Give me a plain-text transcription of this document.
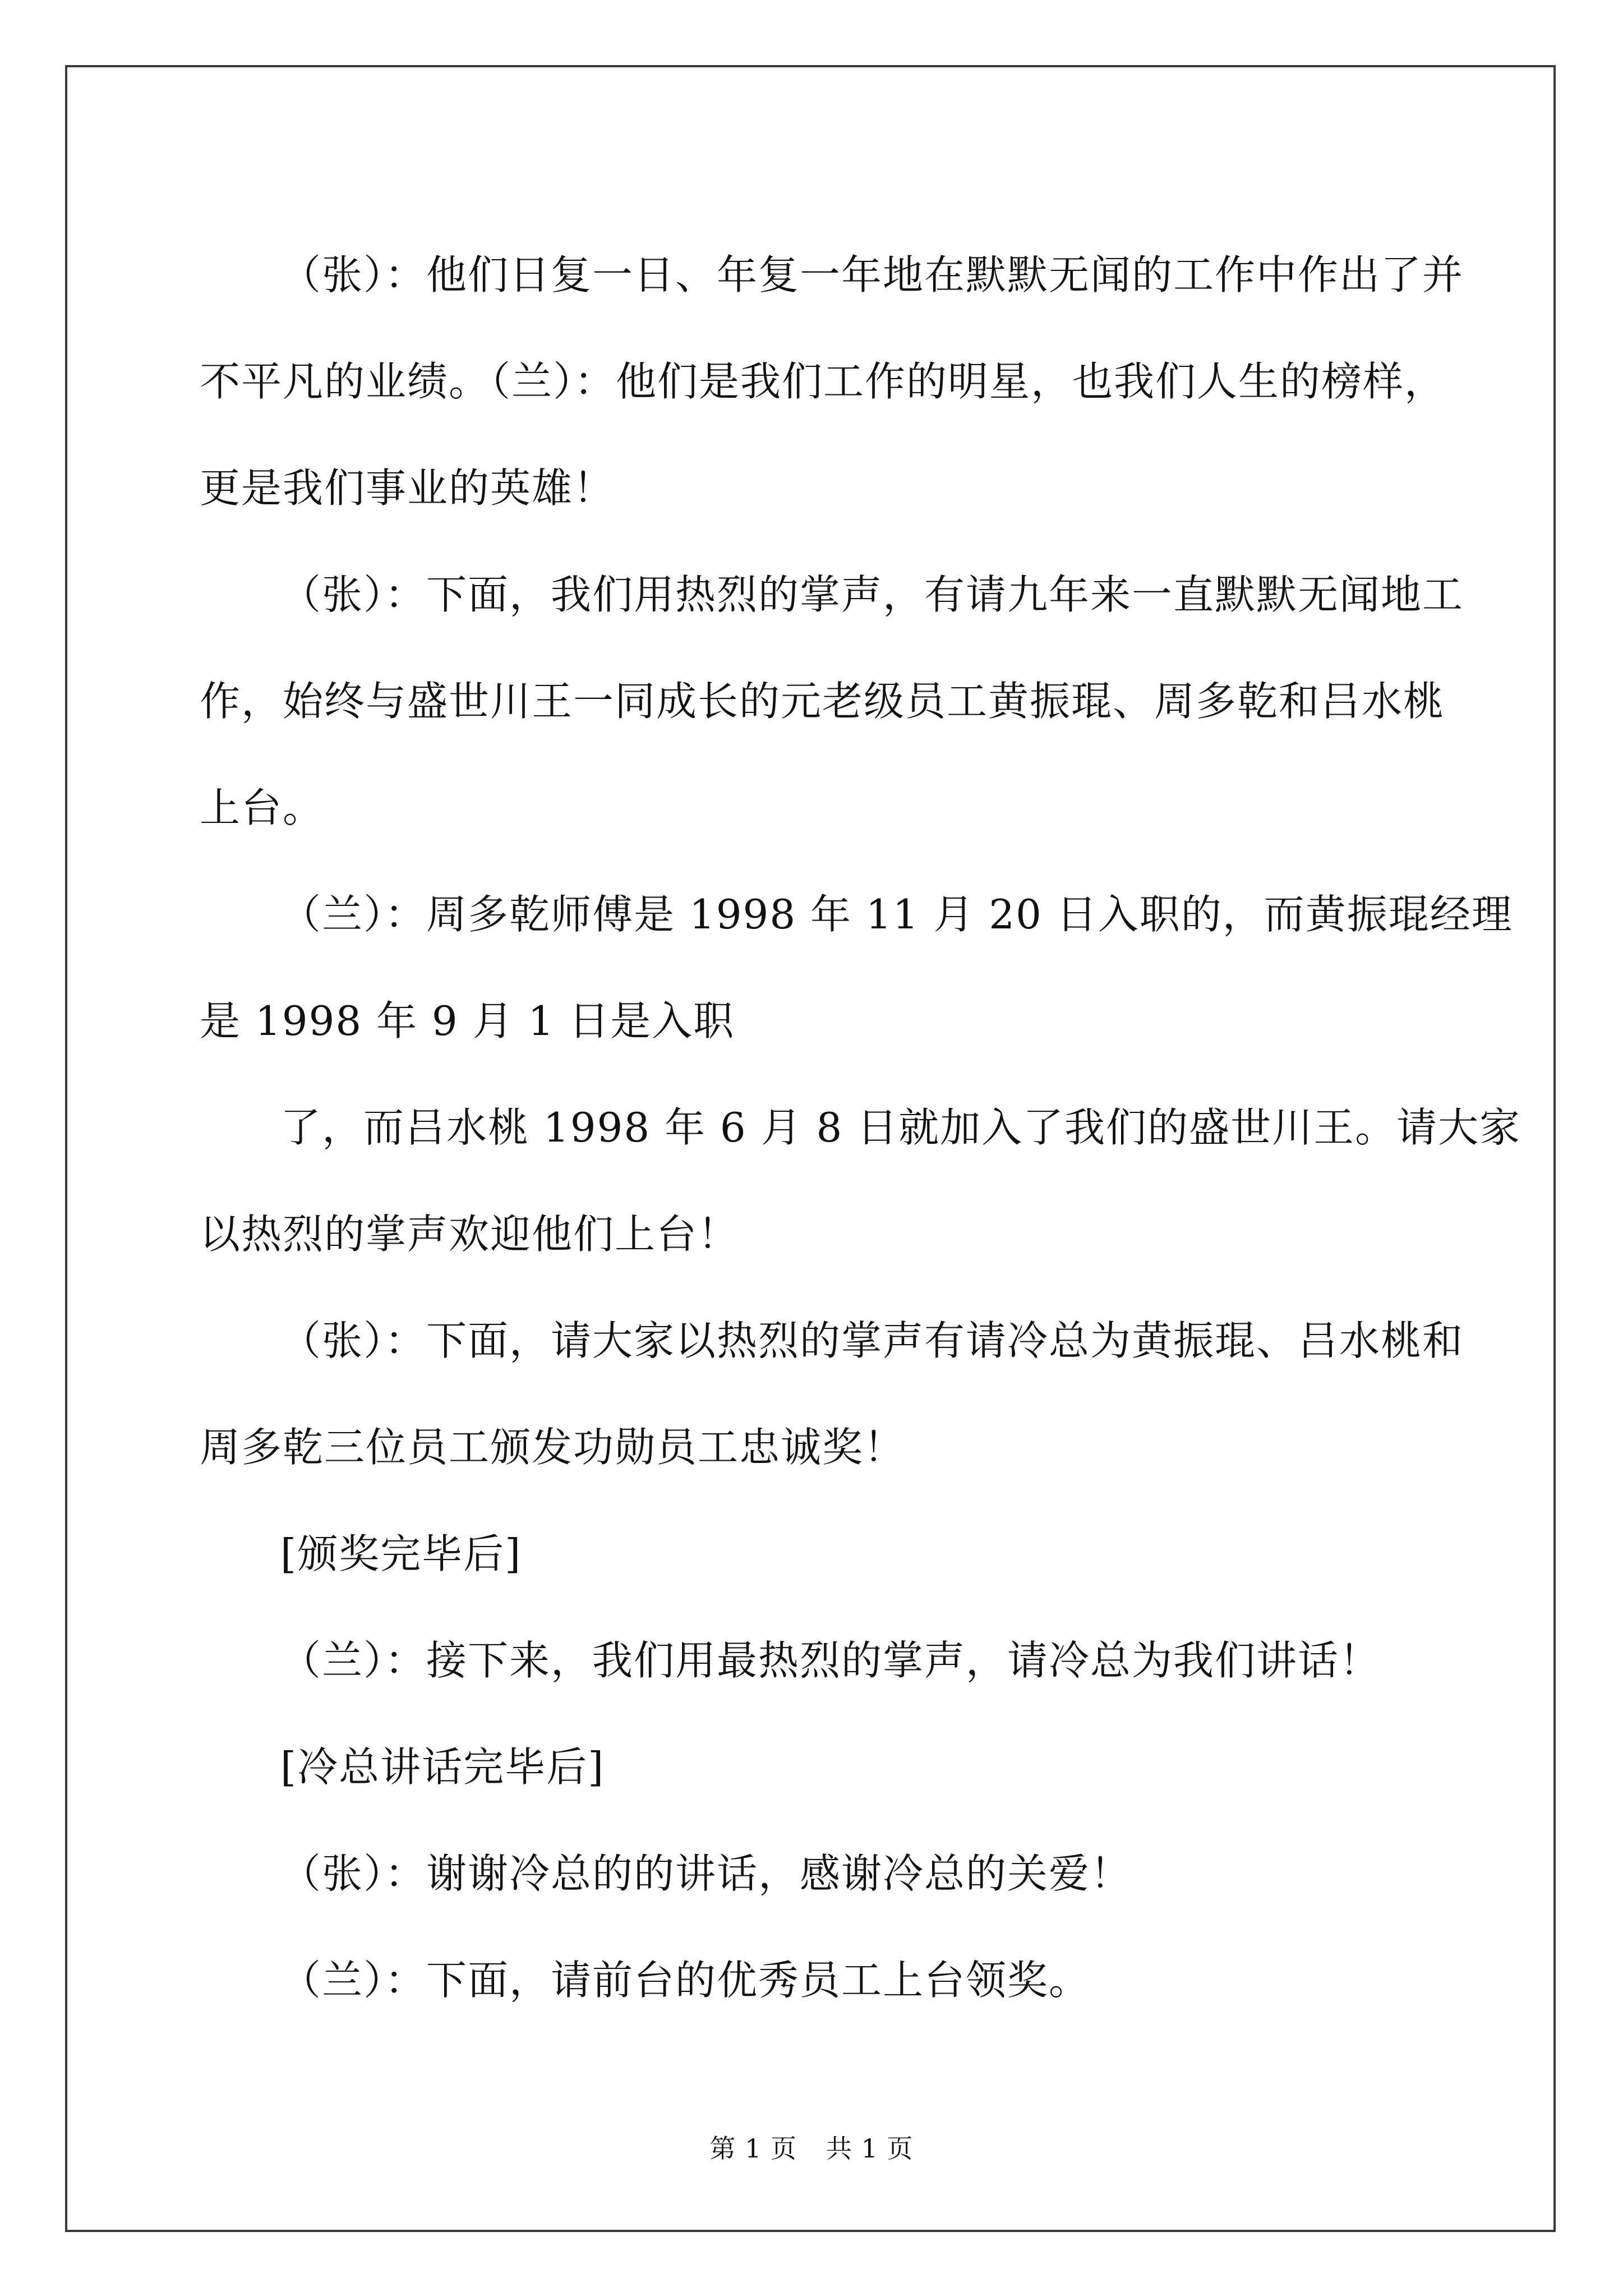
（张）：他们日复一日、年复一年地在默默无闻的工作中作出了并

不平凡的业绩。（兰）：他们是我们工作的明星，也我们人生的榜样，

更是我们事业的英雄！

（张）：下面，我们用热烈的掌声，有请九年来一直默默无闻地工

作，始终与盛世川王一同成长的元老级员工黄振琨、周多乾和吕水桃

上台。

（兰）：周多乾师傅是 1998 年 11 月 20 日入职的，而黄振琨经理

是 1998 年 9 月 1 日是入职

了，而吕水桃 1998 年 6 月 8 日就加入了我们的盛世川王。请大家

以热烈的掌声欢迎他们上台！

（张）：下面，请大家以热烈的掌声有请冷总为黄振琨、吕水桃和

周多乾三位员工颁发功勋员工忠诚奖！

[颁奖完毕后]

（兰）：接下来，我们用最热烈的掌声，请冷总为我们讲话！

[冷总讲话完毕后]

（张）：谢谢冷总的的讲话，感谢冷总的关爱！

（兰）：下面，请前台的优秀员工上台领奖。

第 1 页 共 1 页
